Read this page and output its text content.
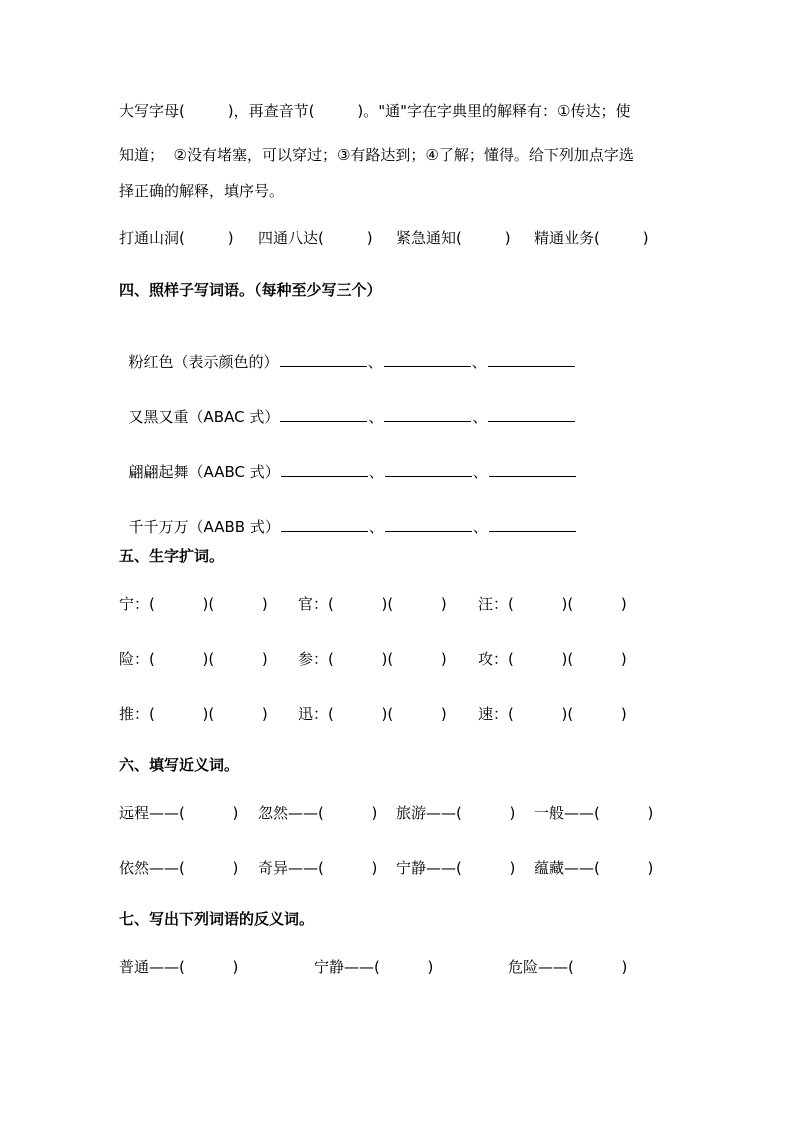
大写字母(         )，再查音节(         )。"通"字在字典里的解释有：①传达；使
知道；  ②没有堵塞，可以穿过；③有路达到；④了解；懂得。给下列加点字选
择正确的解释，填序号。
打通山洞(         ) 四通八达(         ) 紧急通知(         ) 精通业务(         )
四、照样子写词语。（每种至少写三个）

粉红色（表示颜色的）	、	、

又黑又重（ABAC 式）	、	、

翩翩起舞（AABC 式）	、	、

千千万万（AABB 式）	、	、

五、生字扩词。
宁：(          )(          ) 官：(          )(          ) 汪：(          )(          )
险：(          )(          ) 参：(          )(          ) 攻：(          )(          )
推：(          )(          ) 迅：(          )(          ) 速：(          )(          )
六、填写近义词。
远程——(          ) 忽然——(          ) 旅游——(          ) 一般——(          )
依然——(          ) 奇异——(          ) 宁静——(          ) 蕴藏——(          )
七、写出下列词语的反义词。
普通——(          )	宁静——(          )	危险——(          )
